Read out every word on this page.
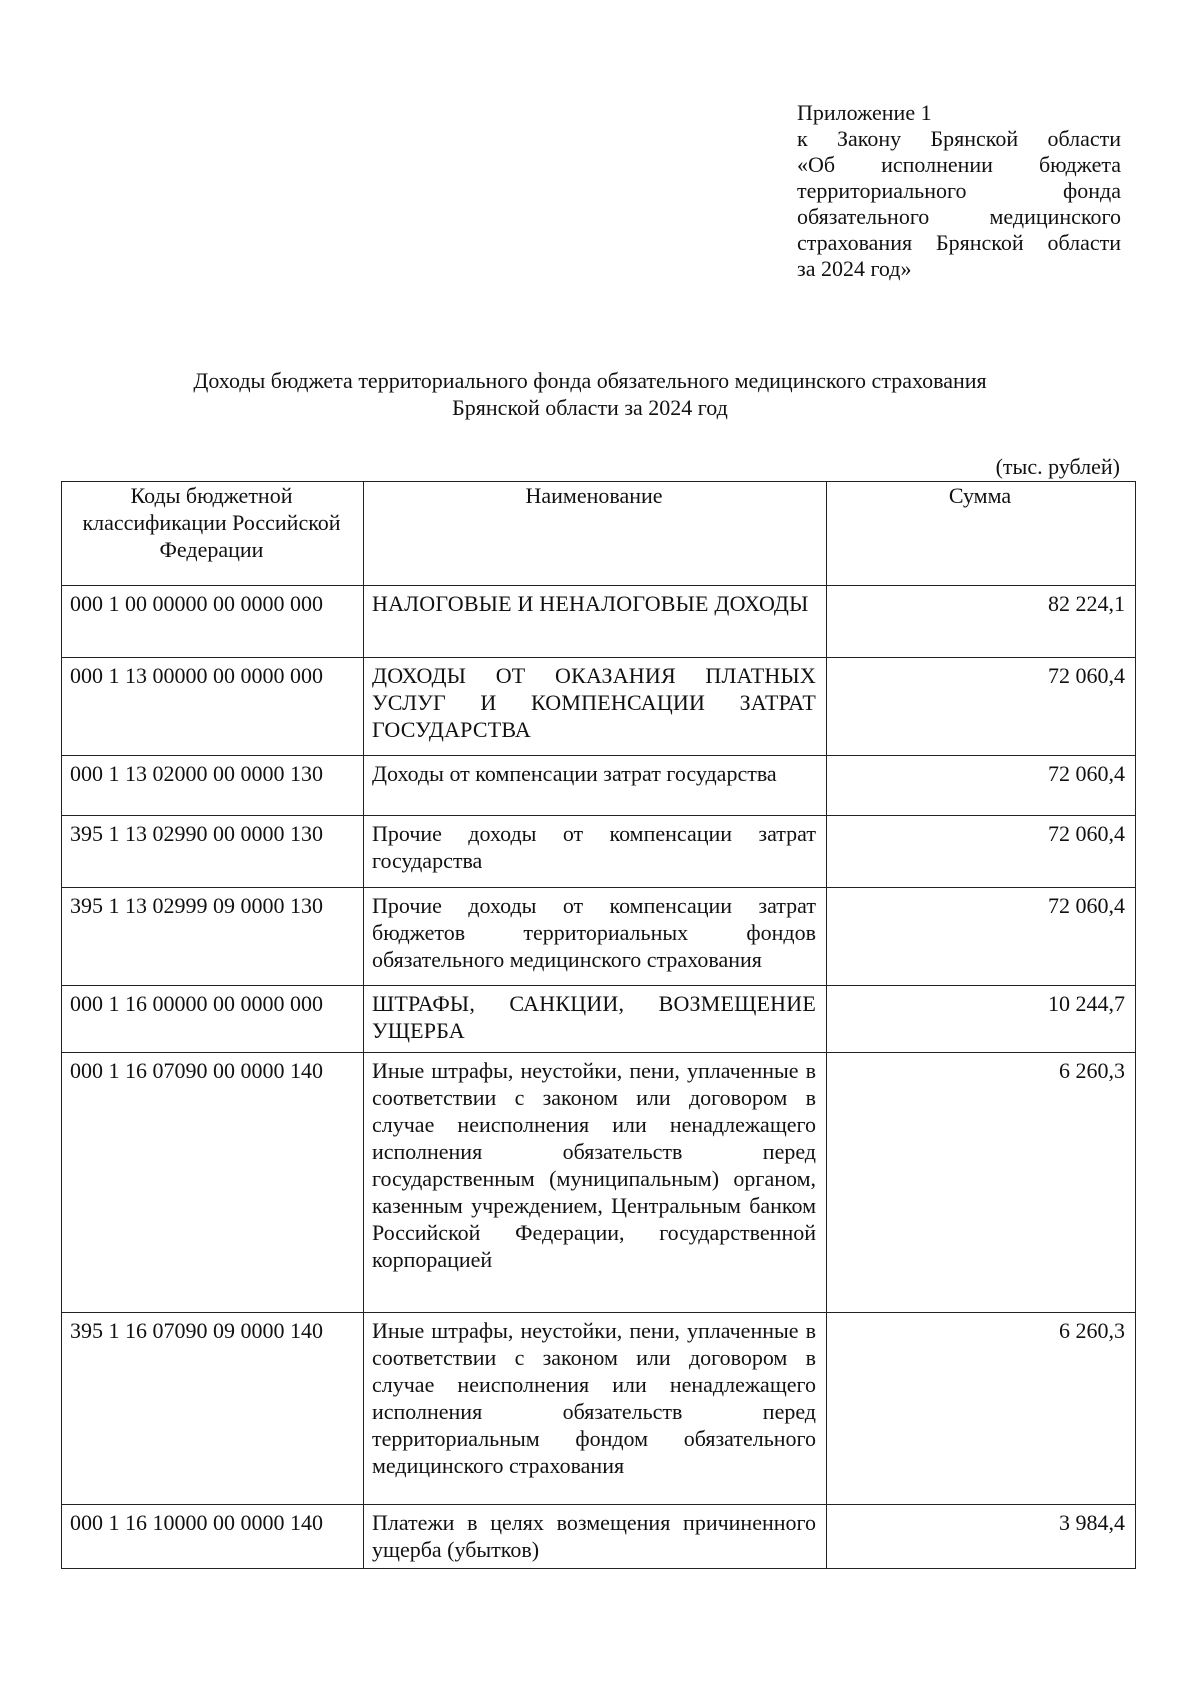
Приложение 1
к Закону Брянской области
«Об исполнении бюджета
территориального фонда
обязательного медицинского
страхования Брянской области
за 2024 год»
Доходы бюджета территориального фонда обязательного медицинского страхования
Брянской области за 2024 год
(тыс. рублей)
Коды бюджетной классификации Российской Федерации	Наименование	Сумма
000 1 00 00000 00 0000 000	НАЛОГОВЫЕ И НЕНАЛОГОВЫЕ ДОХОДЫ	82 224,1
000 1 13 00000 00 0000 000	ДОХОДЫ ОТ ОКАЗАНИЯ ПЛАТНЫХ УСЛУГ И КОМПЕНСАЦИИ ЗАТРАТ ГОСУДАРСТВА	72 060,4
000 1 13 02000 00 0000 130	Доходы от компенсации затрат государства	72 060,4
395 1 13 02990 00 0000 130	Прочие доходы от компенсации затрат государства	72 060,4
395 1 13 02999 09 0000 130	Прочие доходы от компенсации затрат бюджетов территориальных фондов обязательного медицинского страхования	72 060,4
000 1 16 00000 00 0000 000	ШТРАФЫ, САНКЦИИ, ВОЗМЕЩЕНИЕ УЩЕРБА	10 244,7
000 1 16 07090 00 0000 140	Иные штрафы, неустойки, пени, уплаченные в соответствии с законом или договором в случае неисполнения или ненадлежащего исполнения обязательств перед государственным (муниципальным) органом, казенным учреждением, Центральным банком Российской Федерации, государственной корпорацией	6 260,3
395 1 16 07090 09 0000 140	Иные штрафы, неустойки, пени, уплаченные в соответствии с законом или договором в случае неисполнения или ненадлежащего исполнения обязательств перед территориальным фондом обязательного медицинского страхования	6 260,3
000 1 16 10000 00 0000 140	Платежи в целях возмещения причиненного ущерба (убытков)	3 984,4
